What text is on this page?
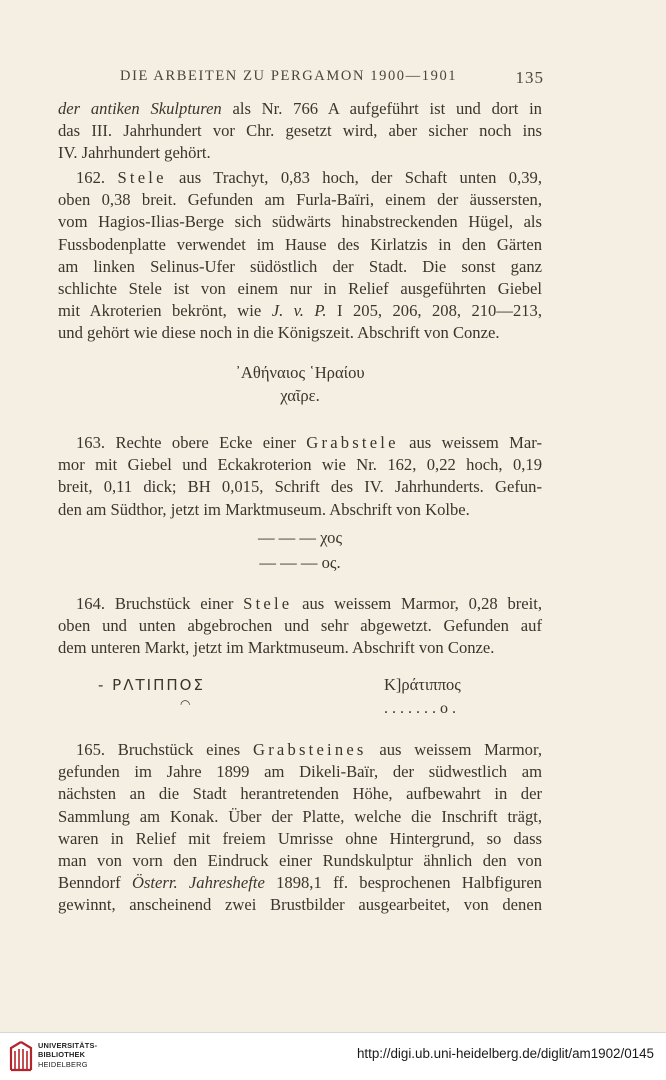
DIE ARBEITEN ZU PERGAMON 1900—1901	135
der antiken Skulpturen als Nr. 766 A aufgeführt ist und dort in
das III. Jahrhundert vor Chr. gesetzt wird, aber sicher noch ins
IV. Jahrhundert gehört.
162. Stele aus Trachyt, 0,83 hoch, der Schaft unten 0,39,
oben 0,38 breit. Gefunden am Furla-Baïri, einem der äussersten,
vom Hagios-Ilias-Berge sich südwärts hinabstreckenden Hügel, als
Fussbodenplatte verwendet im Hause des Kirlatzis in den Gärten
am linken Selinus-Ufer südöstlich der Stadt. Die sonst ganz
schlichte Stele ist von einem nur in Relief ausgeführten Giebel
mit Akroterien bekrönt, wie J. v. P. I 205, 206, 208, 210—213,
und gehört wie diese noch in die Königszeit. Abschrift von Conze.
᾿Αθήναιος ῾Ηραίου
χαῖρε.
163. Rechte obere Ecke einer Grabstele aus weissem Mar-
mor mit Giebel und Eckakroterion wie Nr. 162, 0,22 hoch, 0,19
breit, 0,11 dick; BH 0,015, Schrift des IV. Jahrhunderts. Gefun-
den am Südthor, jetzt im Marktmuseum. Abschrift von Kolbe.
— — — χος
— — — ος.
164. Bruchstück einer Stele aus weissem Marmor, 0,28 breit,
oben und unten abgebrochen und sehr abgewetzt. Gefunden auf
dem unteren Markt, jetzt im Marktmuseum. Abschrift von Conze.
- ΡΛΤΙΠΠΟΣ
◠
Κ]ράτιππος
. . . . . . . ο .
165. Bruchstück eines Grabsteines aus weissem Marmor,
gefunden im Jahre 1899 am Dikeli-Baïr, der südwestlich am
nächsten an die Stadt herantretenden Höhe, aufbewahrt in der
Sammlung am Konak. Über der Platte, welche die Inschrift trägt,
waren in Relief mit freiem Umrisse ohne Hintergrund, so dass
man von vorn den Eindruck einer Rundskulptur ähnlich den von
Benndorf Österr. Jahreshefte 1898,1 ff. besprochenen Halbfiguren
gewinnt, anscheinend zwei Brustbilder ausgearbeitet, von denen
UNIVERSITÄTS-
BIBLIOTHEK
HEIDELBERG
http://digi.ub.uni-heidelberg.de/diglit/am1902/0145
